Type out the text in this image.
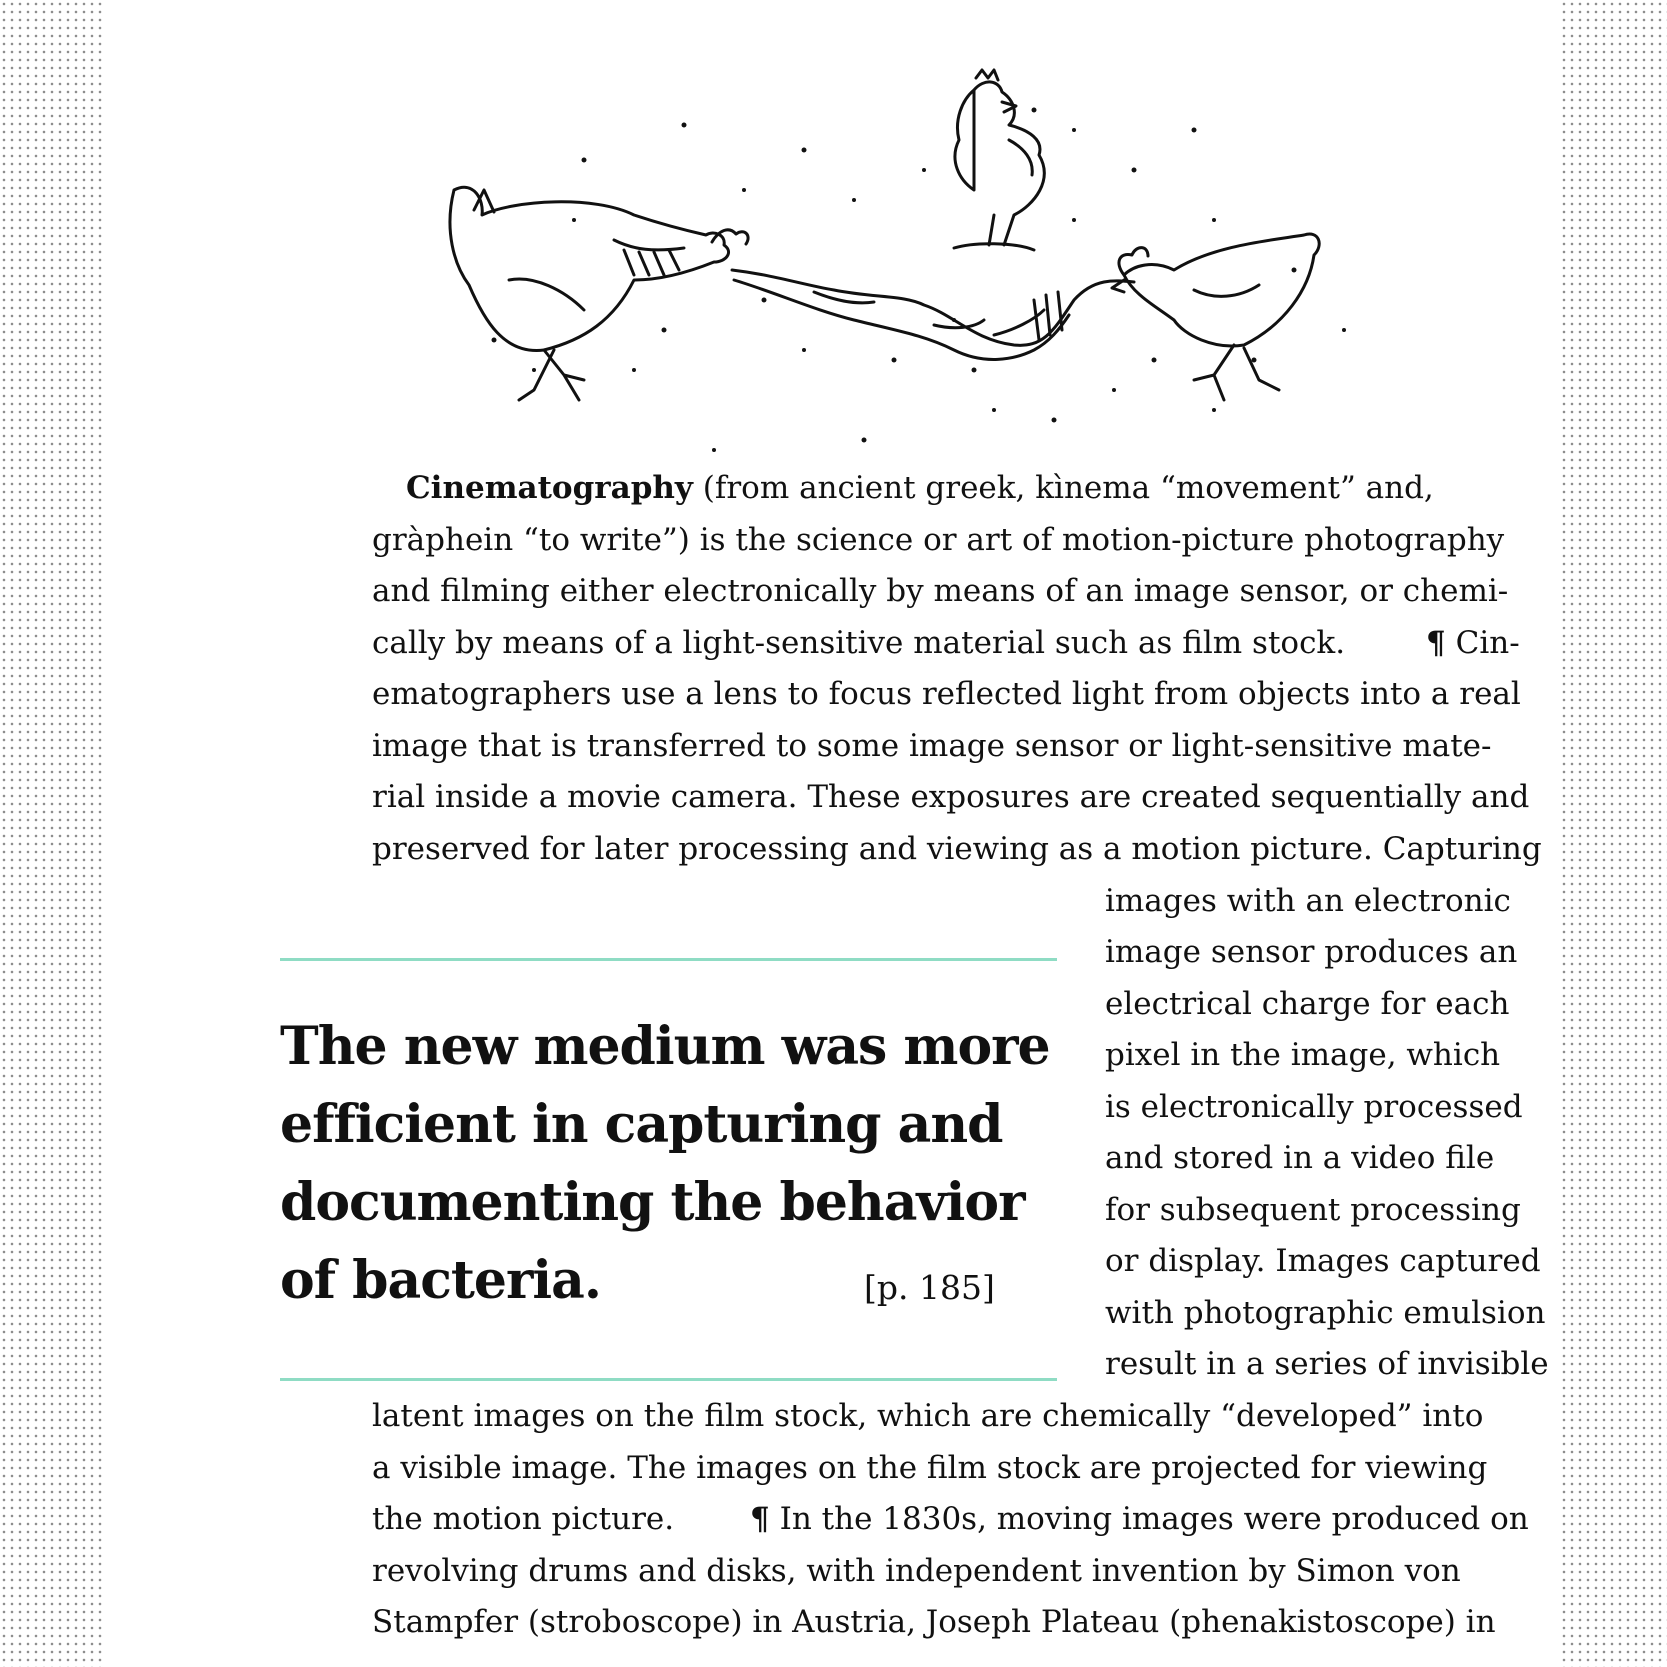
Cinematography (from ancient greek, kìnema “movement” and,

gràphein “to write”) is the science or art of motion-picture photography

and filming either electronically by means of an image sensor, or chemi-

cally by means of a light-sensitive material such as film stock.	¶ Cin-

ematographers use a lens to focus reflected light from objects into a real

image that is transferred to some image sensor or light-sensitive mate-

rial inside a movie camera. These exposures are created sequentially and

preserved for later processing and viewing as a motion picture. Capturing

images with an electronic

image sensor produces an

electrical charge for each

pixel in the image, which

is electronically processed

and stored in a video file

for subsequent processing

or display. Images captured

with photographic emulsion

result in a series of invisible

The new medium was more

efficient in capturing and

documenting the behavior

of bacteria.	[p. 185]

latent images on the film stock, which are chemically “developed” into

a visible image. The images on the film stock are projected for viewing

the motion picture. ¶ In the 1830s, moving images were produced on

revolving drums and disks, with independent invention by Simon von

Stampfer (stroboscope) in Austria, Joseph Plateau (phenakistoscope) in
